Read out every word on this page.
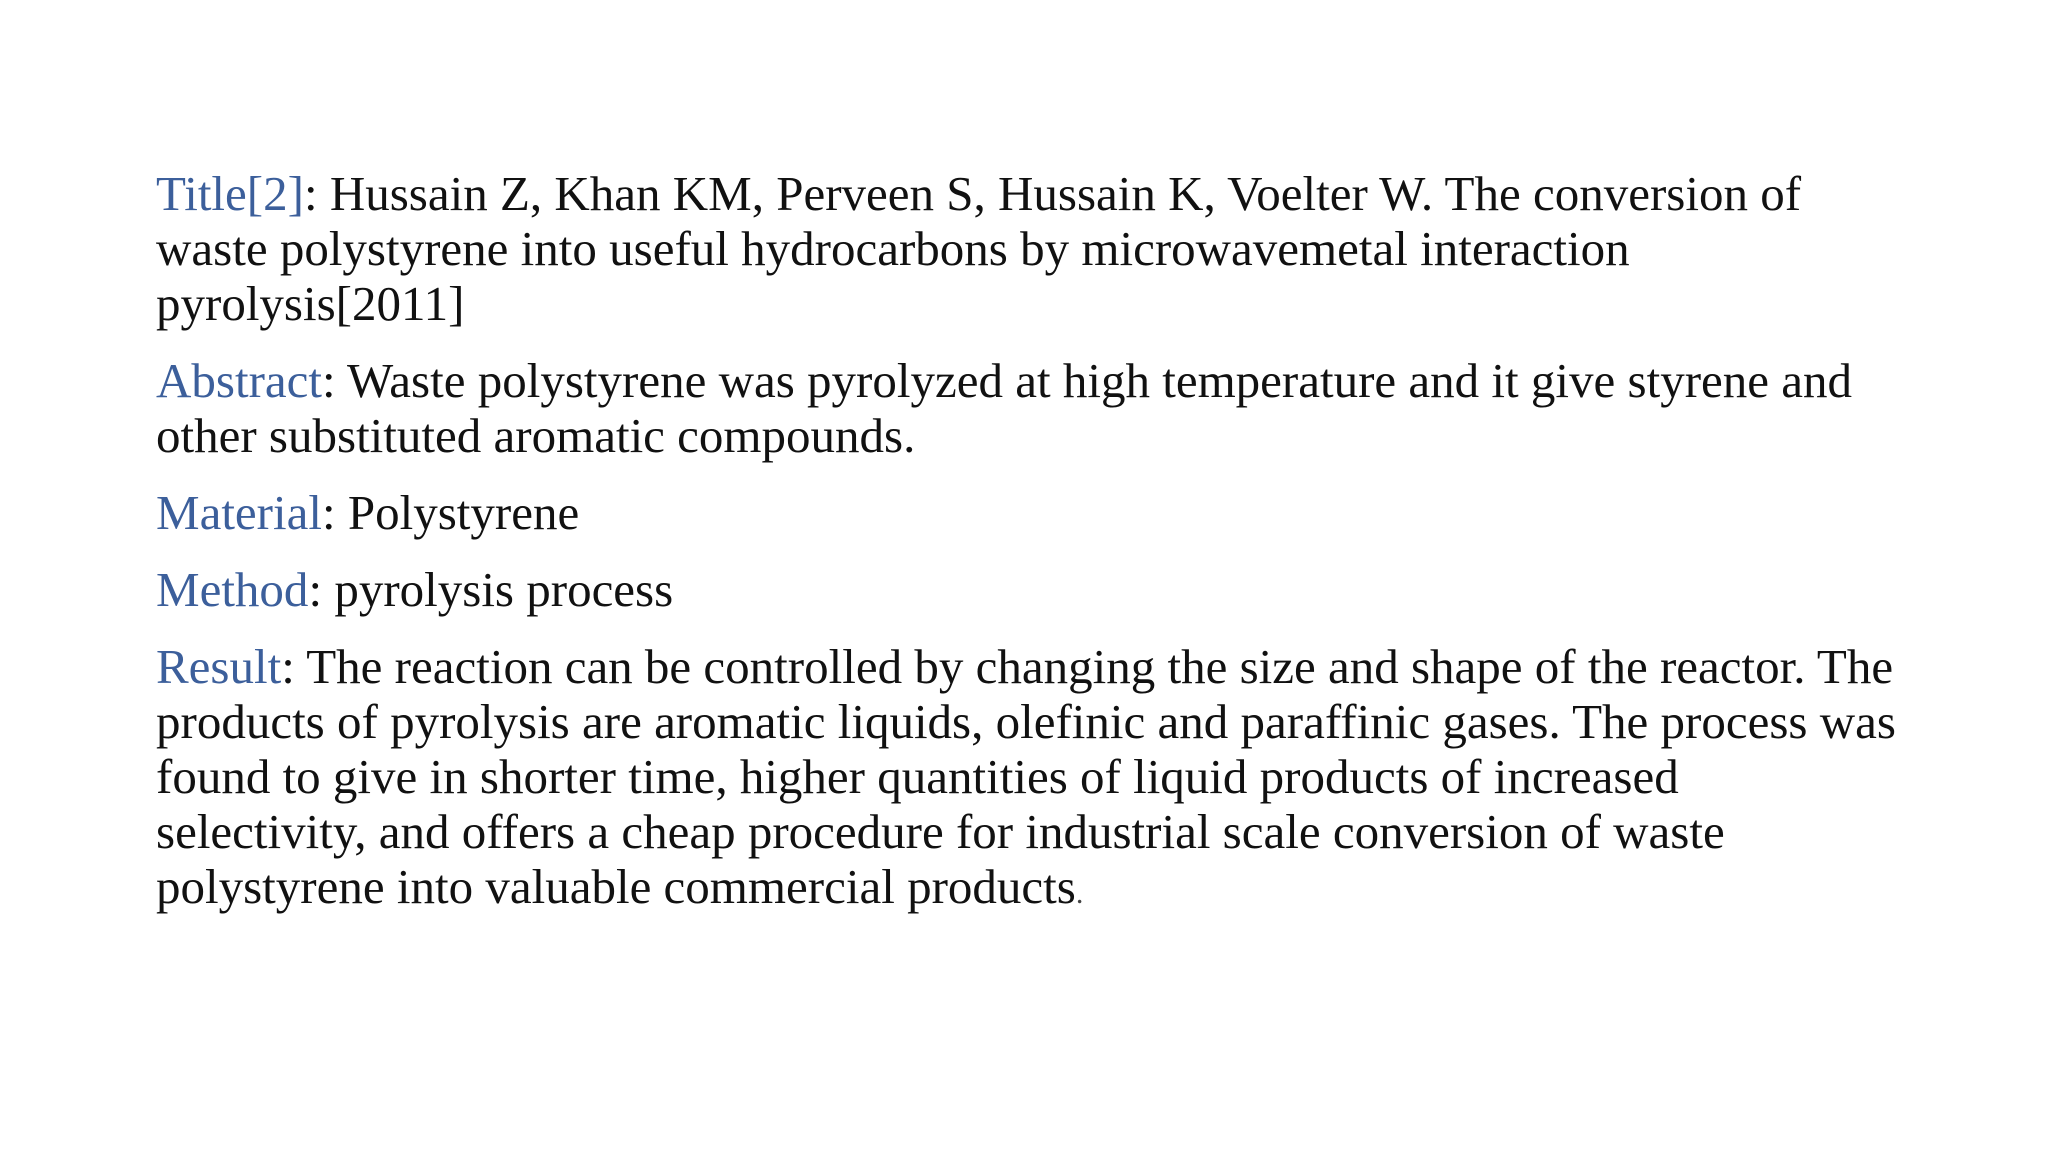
Title[2]: Hussain Z, Khan KM, Perveen S, Hussain K, Voelter W. The conversion of waste polystyrene into useful hydrocarbons by microwavemetal interaction pyrolysis[2011]

Abstract: Waste polystyrene was pyrolyzed at high temperature and it give styrene and other substituted aromatic compounds.

Material: Polystyrene

Method: pyrolysis process

Result: The reaction can be controlled by changing the size and shape of the reactor. The products of pyrolysis are aromatic liquids, olefinic and paraffinic gases. The process was found to give in shorter time, higher quantities of liquid products of increased selectivity, and offers a cheap procedure for industrial scale conversion of waste polystyrene into valuable commercial products.
